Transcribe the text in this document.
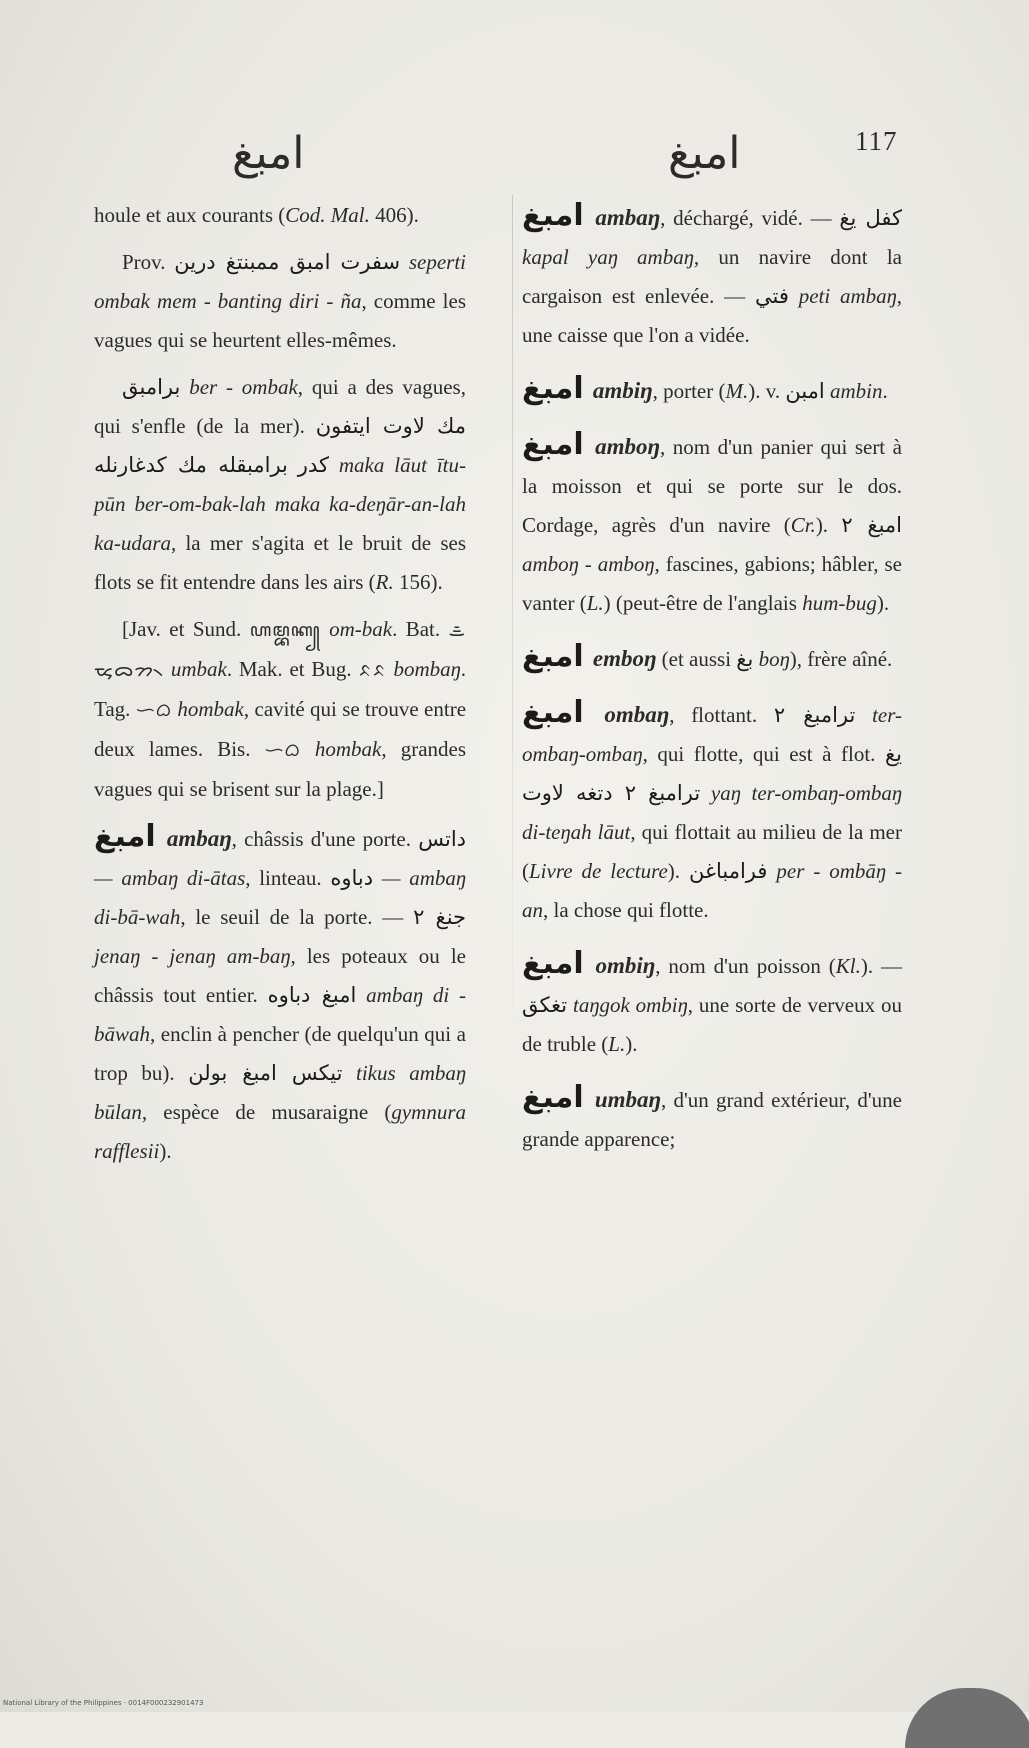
امبغ	امبغ	117

houle et aux courants (Cod. Mal. 406).

Prov. سفرت امبق ممبنتغ درين seperti ombak mem - banting diri - ña, comme les vagues qui se heurtent elles-mêmes.

برامبق ber - ombak, qui a des vagues, qui s'enfle (de la mer). مك لاوت ايتفون برامبقله مك كدغارنله كدر maka lāut ītu-pūn ber-om-bak-lah maka ka-deŋār-an-lah ka-udara, la mer s'agita et le bruit de ses flots se fit entendre dans les airs (R. 156).

[Jav. et Sund. ꦲꦩ꧀ꦧꦏ꧀ om-bak. Bat. ᯥᯔᯮᯅᯂ᯲ umbak. Mak. et Bug. ᨅᨅ bombaŋ. Tag. ᜑᜊ hombak, cavité qui se trouve entre deux lames. Bis. ᜑᜊ hombak, grandes vagues qui se brisent sur la plage.]

امبغ ambaŋ, châssis d'une porte. داتس — ambaŋ di-ātas, linteau. دباوه — ambaŋ di-bā-wah, le seuil de la porte. — جنغ ٢ jenaŋ - jenaŋ am-baŋ, les poteaux ou le châssis tout entier. امبغ دباوه ambaŋ di - bāwah, enclin à pencher (de quelqu'un qui a trop bu). تيكس امبغ بولن tikus ambaŋ būlan, espèce de musaraigne (gymnura rafflesii).
امبغ ambaŋ, déchargé, vidé. — كفل يغ kapal yaŋ ambaŋ, un navire dont la cargaison est enlevée. — فتي peti ambaŋ, une caisse que l'on a vidée.
امبغ ambiŋ, porter (M.). v. امبن ambin.
امبغ amboŋ, nom d'un panier qui sert à la moisson et qui se porte sur le dos. Cordage, agrès d'un navire (Cr.). امبغ ٢ amboŋ - amboŋ, fascines, gabions; hâbler, se vanter (L.) (peut-être de l'anglais hum-bug).
امبغ emboŋ (et aussi بغ boŋ), frère aîné.
امبغ ombaŋ, flottant. ترامبغ ٢ ter-ombaŋ-ombaŋ, qui flotte, qui est à flot. يغ ترامبغ ٢ دتغه لاوت yaŋ ter-ombaŋ-ombaŋ di-teŋah lāut, qui flottait au milieu de la mer (Livre de lecture). فرامباغن per - ombāŋ - an, la chose qui flotte.
امبغ ombiŋ, nom d'un poisson (Kl.). — تغكق taŋgok ombiŋ, une sorte de verveux ou de truble (L.).
امبغ umbaŋ, d'un grand extérieur, d'une grande apparence;
National Library of the Philippines · 0014F000232901473
